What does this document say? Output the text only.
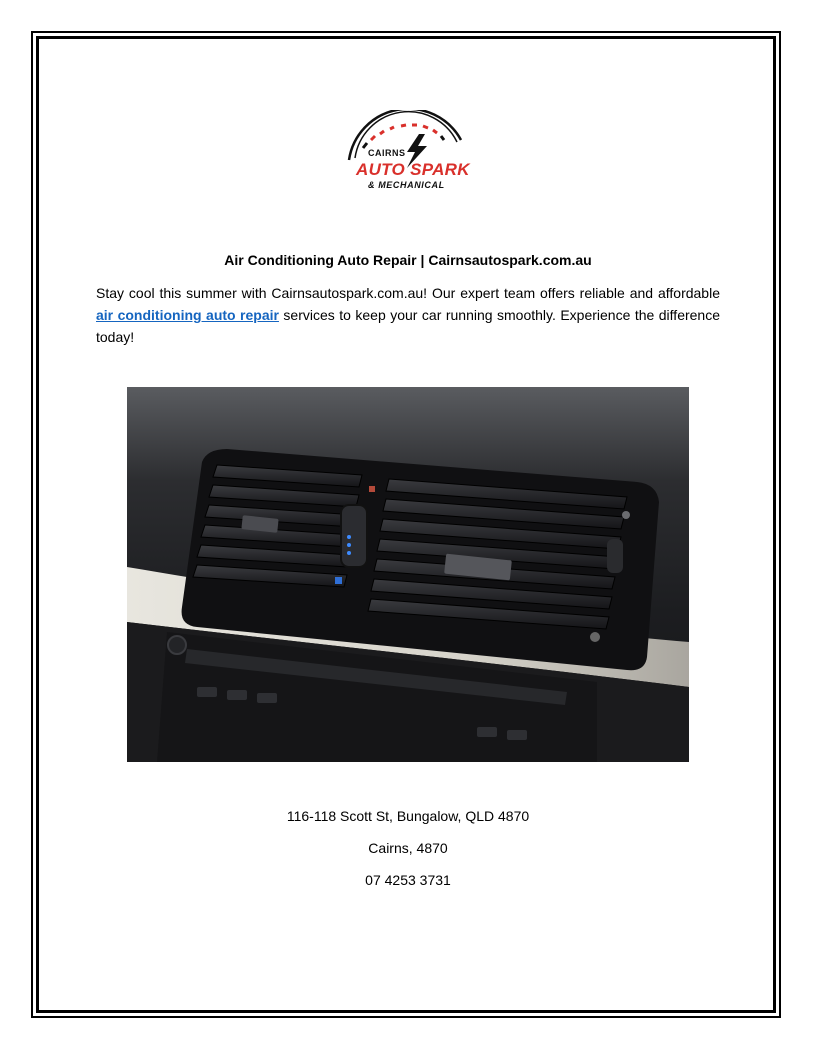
CAIRNS
AUTO SPARK
& MECHANICAL
Air Conditioning Auto Repair | Cairnsautospark.com.au
Stay cool this summer with Cairnsautospark.com.au! Our expert team offers reliable and affordable air conditioning auto repair services to keep your car running smoothly. Experience the difference today!
116-118 Scott St, Bungalow, QLD 4870
Cairns, 4870
07 4253 3731
